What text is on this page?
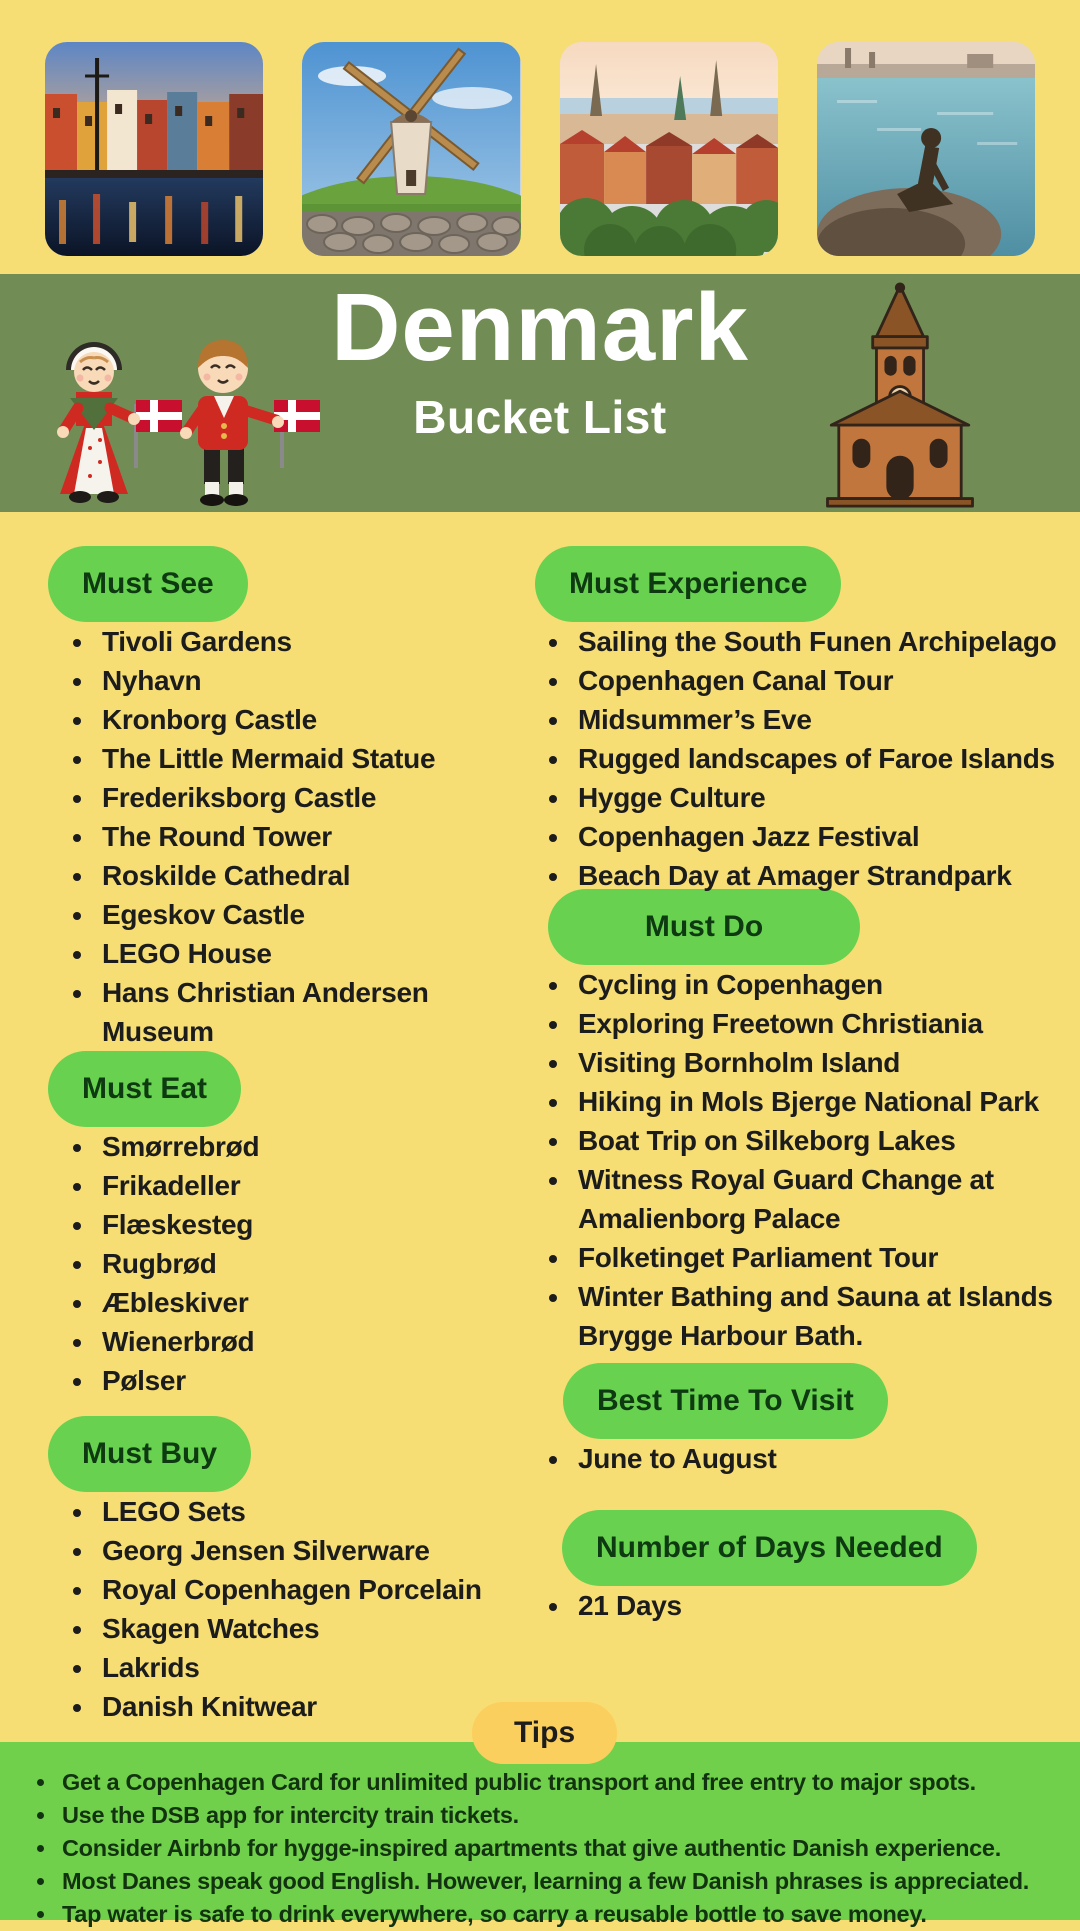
Denmark
Bucket List
Must See
• Tivoli Gardens
• Nyhavn
• Kronborg Castle
• The Little Mermaid Statue
• Frederiksborg Castle
• The Round Tower
• Roskilde Cathedral
• Egeskov Castle
• LEGO House
• Hans Christian Andersen Museum
Must Eat
• Smørrebrød
• Frikadeller
• Flæskesteg
• Rugbrød
• Æbleskiver
• Wienerbrød
• Pølser
Must Buy
• LEGO Sets
• Georg Jensen Silverware
• Royal Copenhagen Porcelain
• Skagen Watches
• Lakrids
• Danish Knitwear
Must Experience
• Sailing the South Funen Archipelago
• Copenhagen Canal Tour
• Midsummer’s Eve
• Rugged landscapes of Faroe Islands
• Hygge Culture
• Copenhagen Jazz Festival
• Beach Day at Amager Strandpark
Must Do
• Cycling in Copenhagen
• Exploring Freetown Christiania
• Visiting Bornholm Island
• Hiking in Mols Bjerge National Park
• Boat Trip on Silkeborg Lakes
• Witness Royal Guard Change at Amalienborg Palace
• Folketinget Parliament Tour
• Winter Bathing and Sauna at Islands Brygge Harbour Bath.
Best Time To Visit
• June to August
Number of Days Needed
• 21 Days
Tips
• Get a Copenhagen Card for unlimited public transport and free entry to major spots.
• Use the DSB app for intercity train tickets.
• Consider Airbnb for hygge-inspired apartments that give authentic Danish experience.
• Most Danes speak good English. However, learning a few Danish phrases is appreciated.
• Tap water is safe to drink everywhere, so carry a reusable bottle to save money.
